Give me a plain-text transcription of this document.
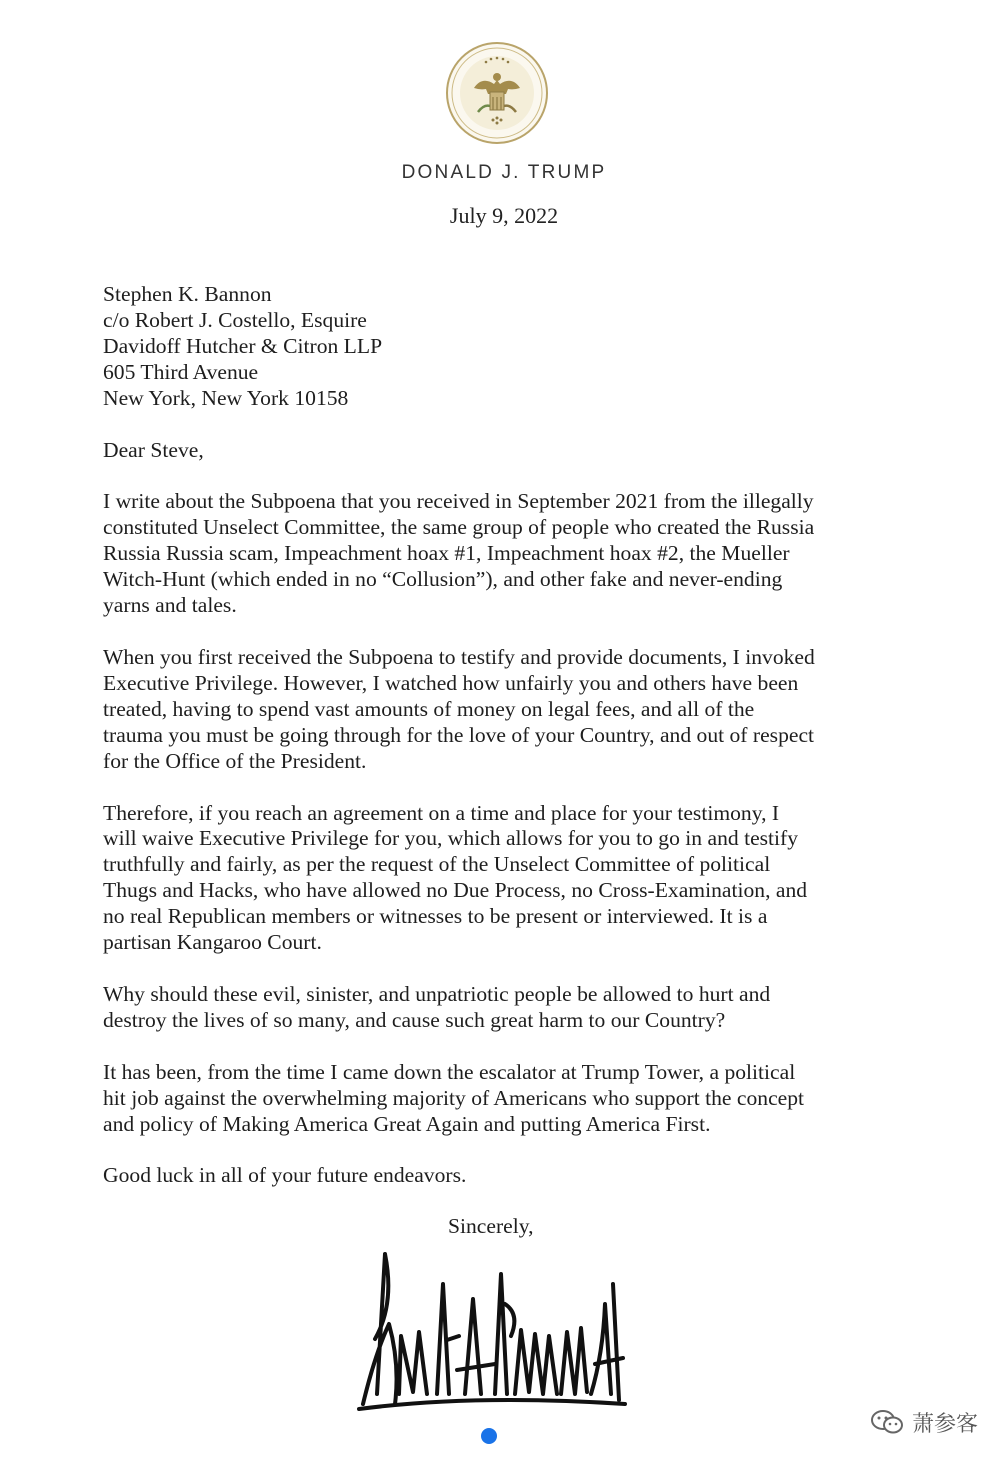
DONALD J. TRUMP
July 9, 2022
Stephen K. Bannon
c/o Robert J. Costello, Esquire
Davidoff Hutcher & Citron LLP
605 Third Avenue
New York, New York 10158
Dear Steve,
I write about the Subpoena that you received in September 2021 from the illegally
constituted Unselect Committee, the same group of people who created the Russia
Russia Russia scam, Impeachment hoax #1, Impeachment hoax #2, the Mueller
Witch-Hunt (which ended in no “Collusion”), and other fake and never-ending
yarns and tales.
When you first received the Subpoena to testify and provide documents, I invoked
Executive Privilege. However, I watched how unfairly you and others have been
treated, having to spend vast amounts of money on legal fees, and all of the
trauma you must be going through for the love of your Country, and out of respect
for the Office of the President.
Therefore, if you reach an agreement on a time and place for your testimony, I
will waive Executive Privilege for you, which allows for you to go in and testify
truthfully and fairly, as per the request of the Unselect Committee of political
Thugs and Hacks, who have allowed no Due Process, no Cross-Examination, and
no real Republican members or witnesses to be present or interviewed. It is a
partisan Kangaroo Court.
Why should these evil, sinister, and unpatriotic people be allowed to hurt and
destroy the lives of so many, and cause such great harm to our Country?
It has been, from the time I came down the escalator at Trump Tower, a political
hit job against the overwhelming majority of Americans who support the concept
and policy of Making America Great Again and putting America First.
Good luck in all of your future endeavors.
Sincerely,
萧参客
